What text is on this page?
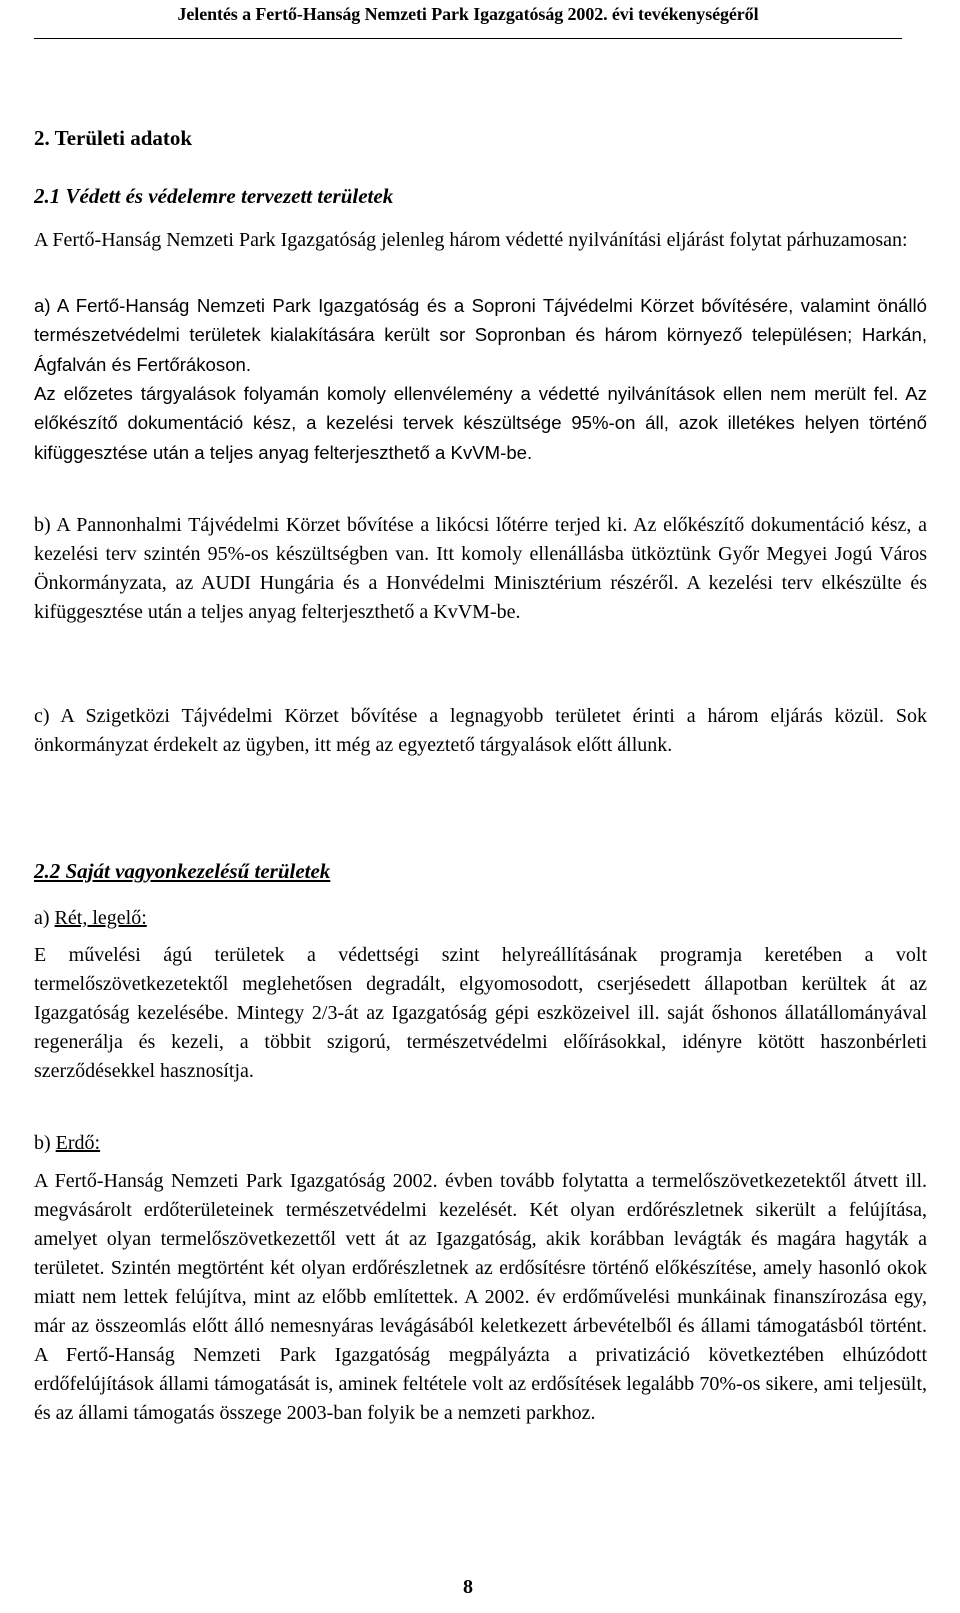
Jelentés a Fertő-Hanság Nemzeti Park Igazgatóság 2002. évi tevékenységéről
2. Területi adatok
2.1 Védett és védelemre tervezett területek

A Fertő-Hanság Nemzeti Park Igazgatóság jelenleg három védetté nyilvánítási eljárást folytat párhuzamosan:

a) A Fertő-Hanság Nemzeti Park Igazgatóság és a Soproni Tájvédelmi Körzet bővítésére, valamint önálló természetvédelmi területek kialakítására került sor Sopronban és három környező településen; Harkán, Ágfalván és Fertőrákoson.

Az előzetes tárgyalások folyamán komoly ellenvélemény a védetté nyilvánítások ellen nem merült fel. Az előkészítő dokumentáció kész, a kezelési tervek készültsége 95%-on áll, azok illetékes helyen történő kifüggesztése után a teljes anyag felterjeszthető a KvVM-be.

b) A Pannonhalmi Tájvédelmi Körzet bővítése a likócsi lőtérre terjed ki. Az előkészítő dokumentáció kész, a kezelési terv szintén 95%-os készültségben van. Itt komoly ellenállásba ütköztünk Győr Megyei Jogú Város Önkormányzata, az AUDI Hungária és a Honvédelmi Minisztérium részéről. A kezelési terv elkészülte és kifüggesztése után a teljes anyag felterjeszthető a KvVM-be.

c) A Szigetközi Tájvédelmi Körzet bővítése a legnagyobb területet érinti a három eljárás közül. Sok önkormányzat érdekelt az ügyben, itt még az egyeztető tárgyalások előtt állunk.

2.2 Saját vagyonkezelésű területek
a) Rét, legelő:

E művelési ágú területek a védettségi szint helyreállításának programja keretében a volt termelőszövetkezetektől meglehetősen degradált, elgyomosodott, cserjésedett állapotban kerültek át az Igazgatóság kezelésébe. Mintegy 2/3-át az Igazgatóság gépi eszközeivel ill. saját őshonos állatállományával regenerálja és kezeli, a többit szigorú, természetvédelmi előírásokkal, idényre kötött haszonbérleti szerződésekkel hasznosítja.

b) Erdő:

A Fertő-Hanság Nemzeti Park Igazgatóság 2002. évben tovább folytatta a termelőszövetkezetektől átvett ill. megvásárolt erdőterületeinek természetvédelmi kezelését. Két olyan erdőrészletnek sikerült a felújítása, amelyet olyan termelőszövetkezettől vett át az Igazgatóság, akik korábban levágták és magára hagyták a területet. Szintén megtörtént két olyan erdőrészletnek az erdősítésre történő előkészítése, amely hasonló okok miatt nem lettek felújítva, mint az előbb említettek. A 2002. év erdőművelési munkáinak finanszírozása egy, már az összeomlás előtt álló nemesnyáras levágásából keletkezett árbevételből és állami támogatásból történt. A Fertő-Hanság Nemzeti Park Igazgatóság megpályázta a privatizáció következtében elhúzódott erdőfelújítások állami támogatását is, aminek feltétele volt az erdősítések legalább 70%-os sikere, ami teljesült, és az állami támogatás összege 2003-ban folyik be a nemzeti parkhoz.

8
